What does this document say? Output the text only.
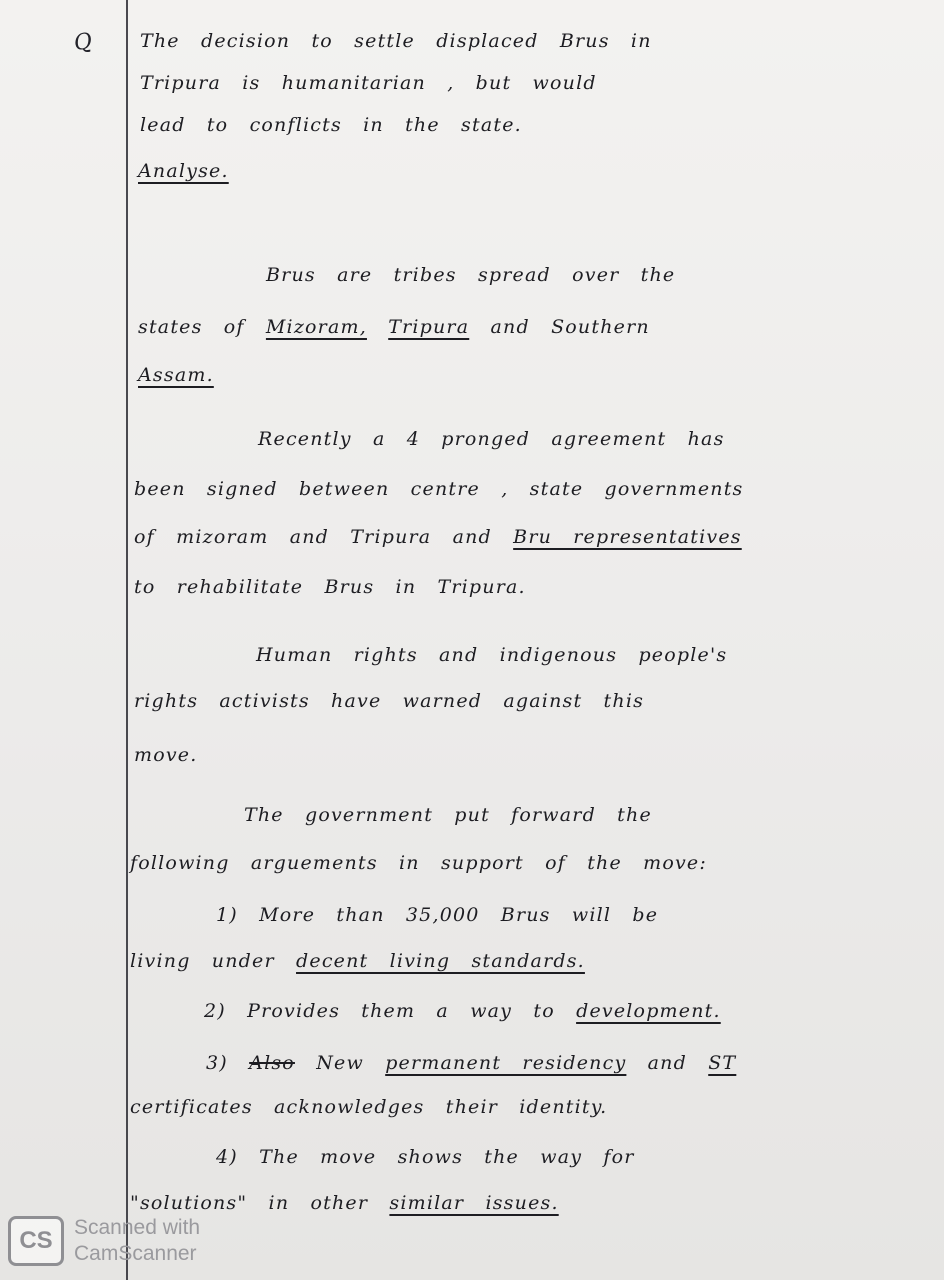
Q The decision to settle displaced Brus in
Tripura is humanitarian , but would
lead to conflicts in the state.
Analyse.
Brus are tribes spread over the
states of Mizoram, Tripura and Southern
Assam.
Recently a 4 pronged agreement has
been signed between centre , state governments
of mizoram and Tripura and Bru representatives
to rehabilitate Brus in Tripura.
Human rights and indigenous people's
rights activists have warned against this
move.
The government put forward the
following arguements in support of the move:
1) More than 35,000 Brus will be
living under decent living standards.
2) Provides them a way to development.
3) Also New permanent residency and ST
certificates acknowledges their identity.
4) The move shows the way for
"solutions" in other similar issues.
CS	Scanned with
CamScanner
